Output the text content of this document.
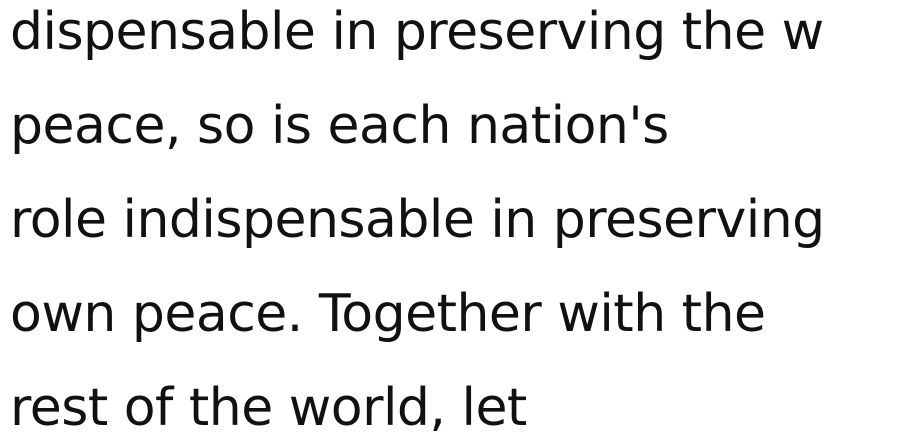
dispensable in preserving the w
peace, so is each nation's
role indispensable in preserving
own peace. Together with the
rest of the world, let
